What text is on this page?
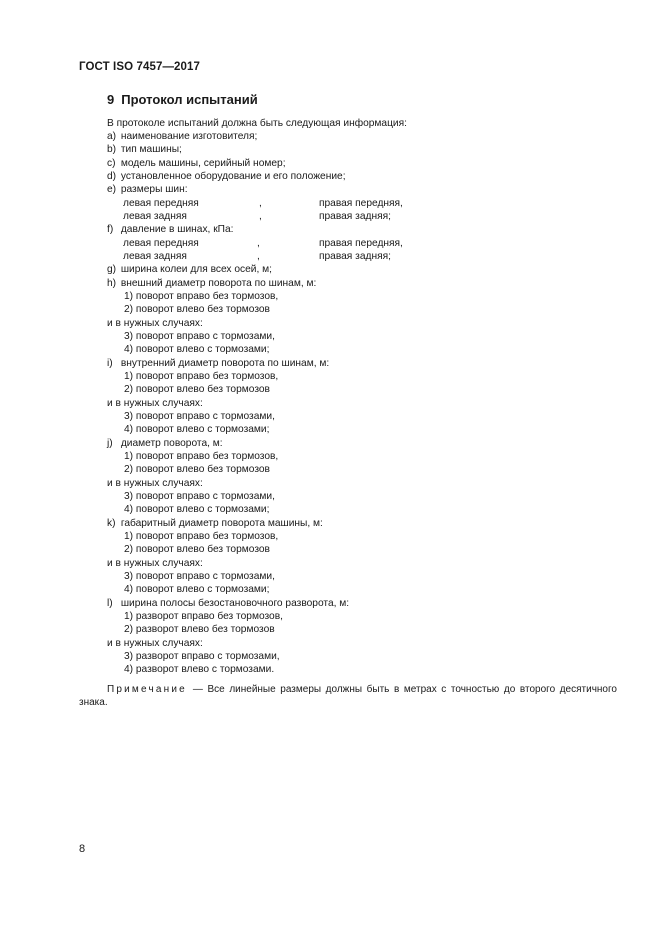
ГОСТ ISO 7457—2017
9 Протокол испытаний
В протоколе испытаний должна быть следующая информация:
a) наименование изготовителя;
b) тип машины;
c) модель машины, серийный номер;
d) установленное оборудование и его положение;
e) размеры шин:
левая передняя	,	правая передняя,
левая задняя	,	правая задняя;
f) давление в шинах, кПа:
левая передняя	,	правая передняя,
левая задняя	,	правая задняя;
g) ширина колеи для всех осей, м;
h) внешний диаметр поворота по шинам, м:
1) поворот вправо без тормозов,
2) поворот влево без тормозов
и в нужных случаях:
3) поворот вправо с тормозами,
4) поворот влево с тормозами;
i) внутренний диаметр поворота по шинам, м:
1) поворот вправо без тормозов,
2) поворот влево без тормозов
и в нужных случаях:
3) поворот вправо с тормозами,
4) поворот влево с тормозами;
j) диаметр поворота, м:
1) поворот вправо без тормозов,
2) поворот влево без тормозов
и в нужных случаях:
3) поворот вправо с тормозами,
4) поворот влево с тормозами;
k) габаритный диаметр поворота машины, м:
1) поворот вправо без тормозов,
2) поворот влево без тормозов
и в нужных случаях:
3) поворот вправо с тормозами,
4) поворот влево с тормозами;
l) ширина полосы безостановочного разворота, м:
1) разворот вправо без тормозов,
2) разворот влево без тормозов
и в нужных случаях:
3) разворот вправо с тормозами,
4) разворот влево с тормозами.
Примечание — Все линейные размеры должны быть в метрах с точностью до второго десятичного знака.
8
